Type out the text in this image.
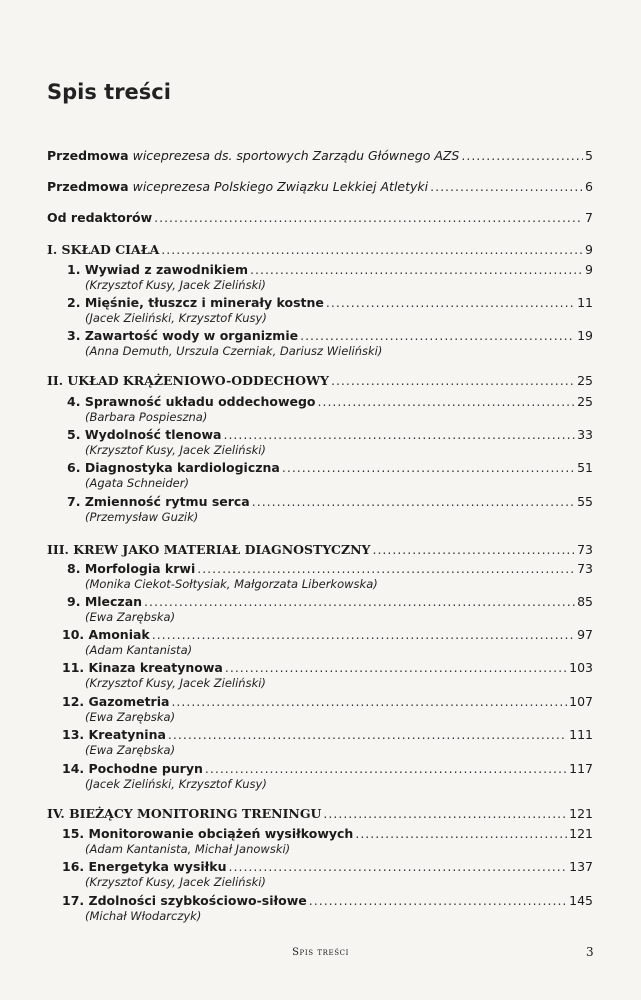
Spis treści
Przedmowa wiceprezesa ds. sportowych Zarządu Głównego AZS .....	5
Przedmowa wiceprezesa Polskiego Związku Lekkiej Atletyki .....	6
Od redaktorów .....	7
I. SKŁAD CIAŁA .....	9
1. Wywiad z zawodnikiem .....	9
(Krzysztof Kusy, Jacek Zieliński)
2. Mięśnie, tłuszcz i minerały kostne .....	11
(Jacek Zieliński, Krzysztof Kusy)
3. Zawartość wody w organizmie .....	19
(Anna Demuth, Urszula Czerniak, Dariusz Wieliński)
II. UKŁAD KRĄŻENIOWO-ODDECHOWY .....	25
4. Sprawność układu oddechowego .....	25
(Barbara Pospieszna)
5. Wydolność tlenowa .....	33
(Krzysztof Kusy, Jacek Zieliński)
6. Diagnostyka kardiologiczna .....	51
(Agata Schneider)
7. Zmienność rytmu serca .....	55
(Przemysław Guzik)
III. KREW JAKO MATERIAŁ DIAGNOSTYCZNY .....	73
8. Morfologia krwi .....	73
(Monika Ciekot-Sołtysiak, Małgorzata Liberkowska)
9. Mleczan .....	85
(Ewa Zarębska)
10. Amoniak .....	97
(Adam Kantanista)
11. Kinaza kreatynowa .....	103
(Krzysztof Kusy, Jacek Zieliński)
12. Gazometria .....	107
(Ewa Zarębska)
13. Kreatynina .....	111
(Ewa Zarębska)
14. Pochodne puryn .....	117
(Jacek Zieliński, Krzysztof Kusy)
IV. BIEŻĄCY MONITORING TRENINGU .....	121
15. Monitorowanie obciążeń wysiłkowych .....	121
(Adam Kantanista, Michał Janowski)
16. Energetyka wysiłku .....	137
(Krzysztof Kusy, Jacek Zieliński)
17. Zdolności szybkościowo-siłowe .....	145
(Michał Włodarczyk)
Spis treści	3
